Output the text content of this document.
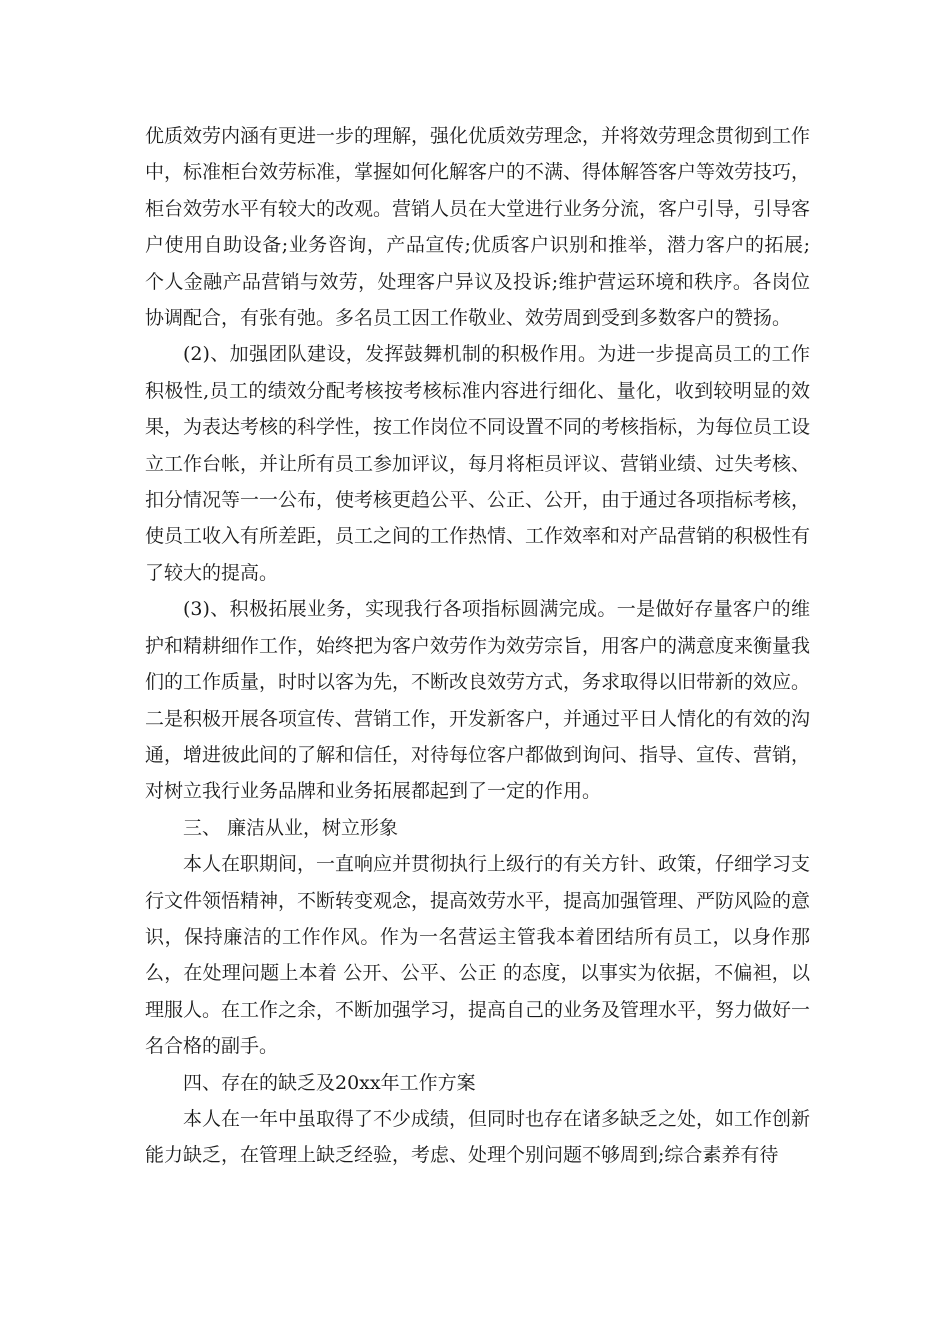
优质效劳内涵有更进一步的理解，强化优质效劳理念，并将效劳理念贯彻到工作中，标准柜台效劳标准，掌握如何化解客户的不满、得体解答客户等效劳技巧，柜台效劳水平有较大的改观。营销人员在大堂进行业务分流，客户引导，引导客户使用自助设备;业务咨询，产品宣传;优质客户识别和推举，潜力客户的拓展;个人金融产品营销与效劳，处理客户异议及投诉;维护营运环境和秩序。各岗位协调配合，有张有弛。多名员工因工作敬业、效劳周到受到多数客户的赞扬。

(2)、加强团队建设，发挥鼓舞机制的积极作用。为进一步提高员工的工作积极性,员工的绩效分配考核按考核标准内容进行细化、量化，收到较明显的效果，为表达考核的科学性，按工作岗位不同设置不同的考核指标，为每位员工设立工作台帐，并让所有员工参加评议，每月将柜员评议、营销业绩、过失考核、扣分情况等一一公布，使考核更趋公平、公正、公开，由于通过各项指标考核，使员工收入有所差距，员工之间的工作热情、工作效率和对产品营销的积极性有了较大的提高。

(3)、积极拓展业务，实现我行各项指标圆满完成。一是做好存量客户的维护和精耕细作工作，始终把为客户效劳作为效劳宗旨，用客户的满意度来衡量我们的工作质量，时时以客为先，不断改良效劳方式，务求取得以旧带新的效应。二是积极开展各项宣传、营销工作，开发新客户，并通过平日人情化的有效的沟通，增进彼此间的了解和信任，对待每位客户都做到询问、指导、宣传、营销，对树立我行业务品牌和业务拓展都起到了一定的作用。

三、 廉洁从业，树立形象

本人在职期间，一直响应并贯彻执行上级行的有关方针、政策，仔细学习支行文件领悟精神，不断转变观念，提高效劳水平，提高加强管理、严防风险的意识，保持廉洁的工作作风。作为一名营运主管我本着团结所有员工，以身作那么，在处理问题上本着 公开、公平、公正 的态度，以事实为依据，不偏袒，以理服人。在工作之余，不断加强学习，提高自己的业务及管理水平，努力做好一名合格的副手。

四、存在的缺乏及20xx年工作方案

本人在一年中虽取得了不少成绩，但同时也存在诸多缺乏之处，如工作创新能力缺乏，在管理上缺乏经验，考虑、处理个别问题不够周到;综合素养有待
